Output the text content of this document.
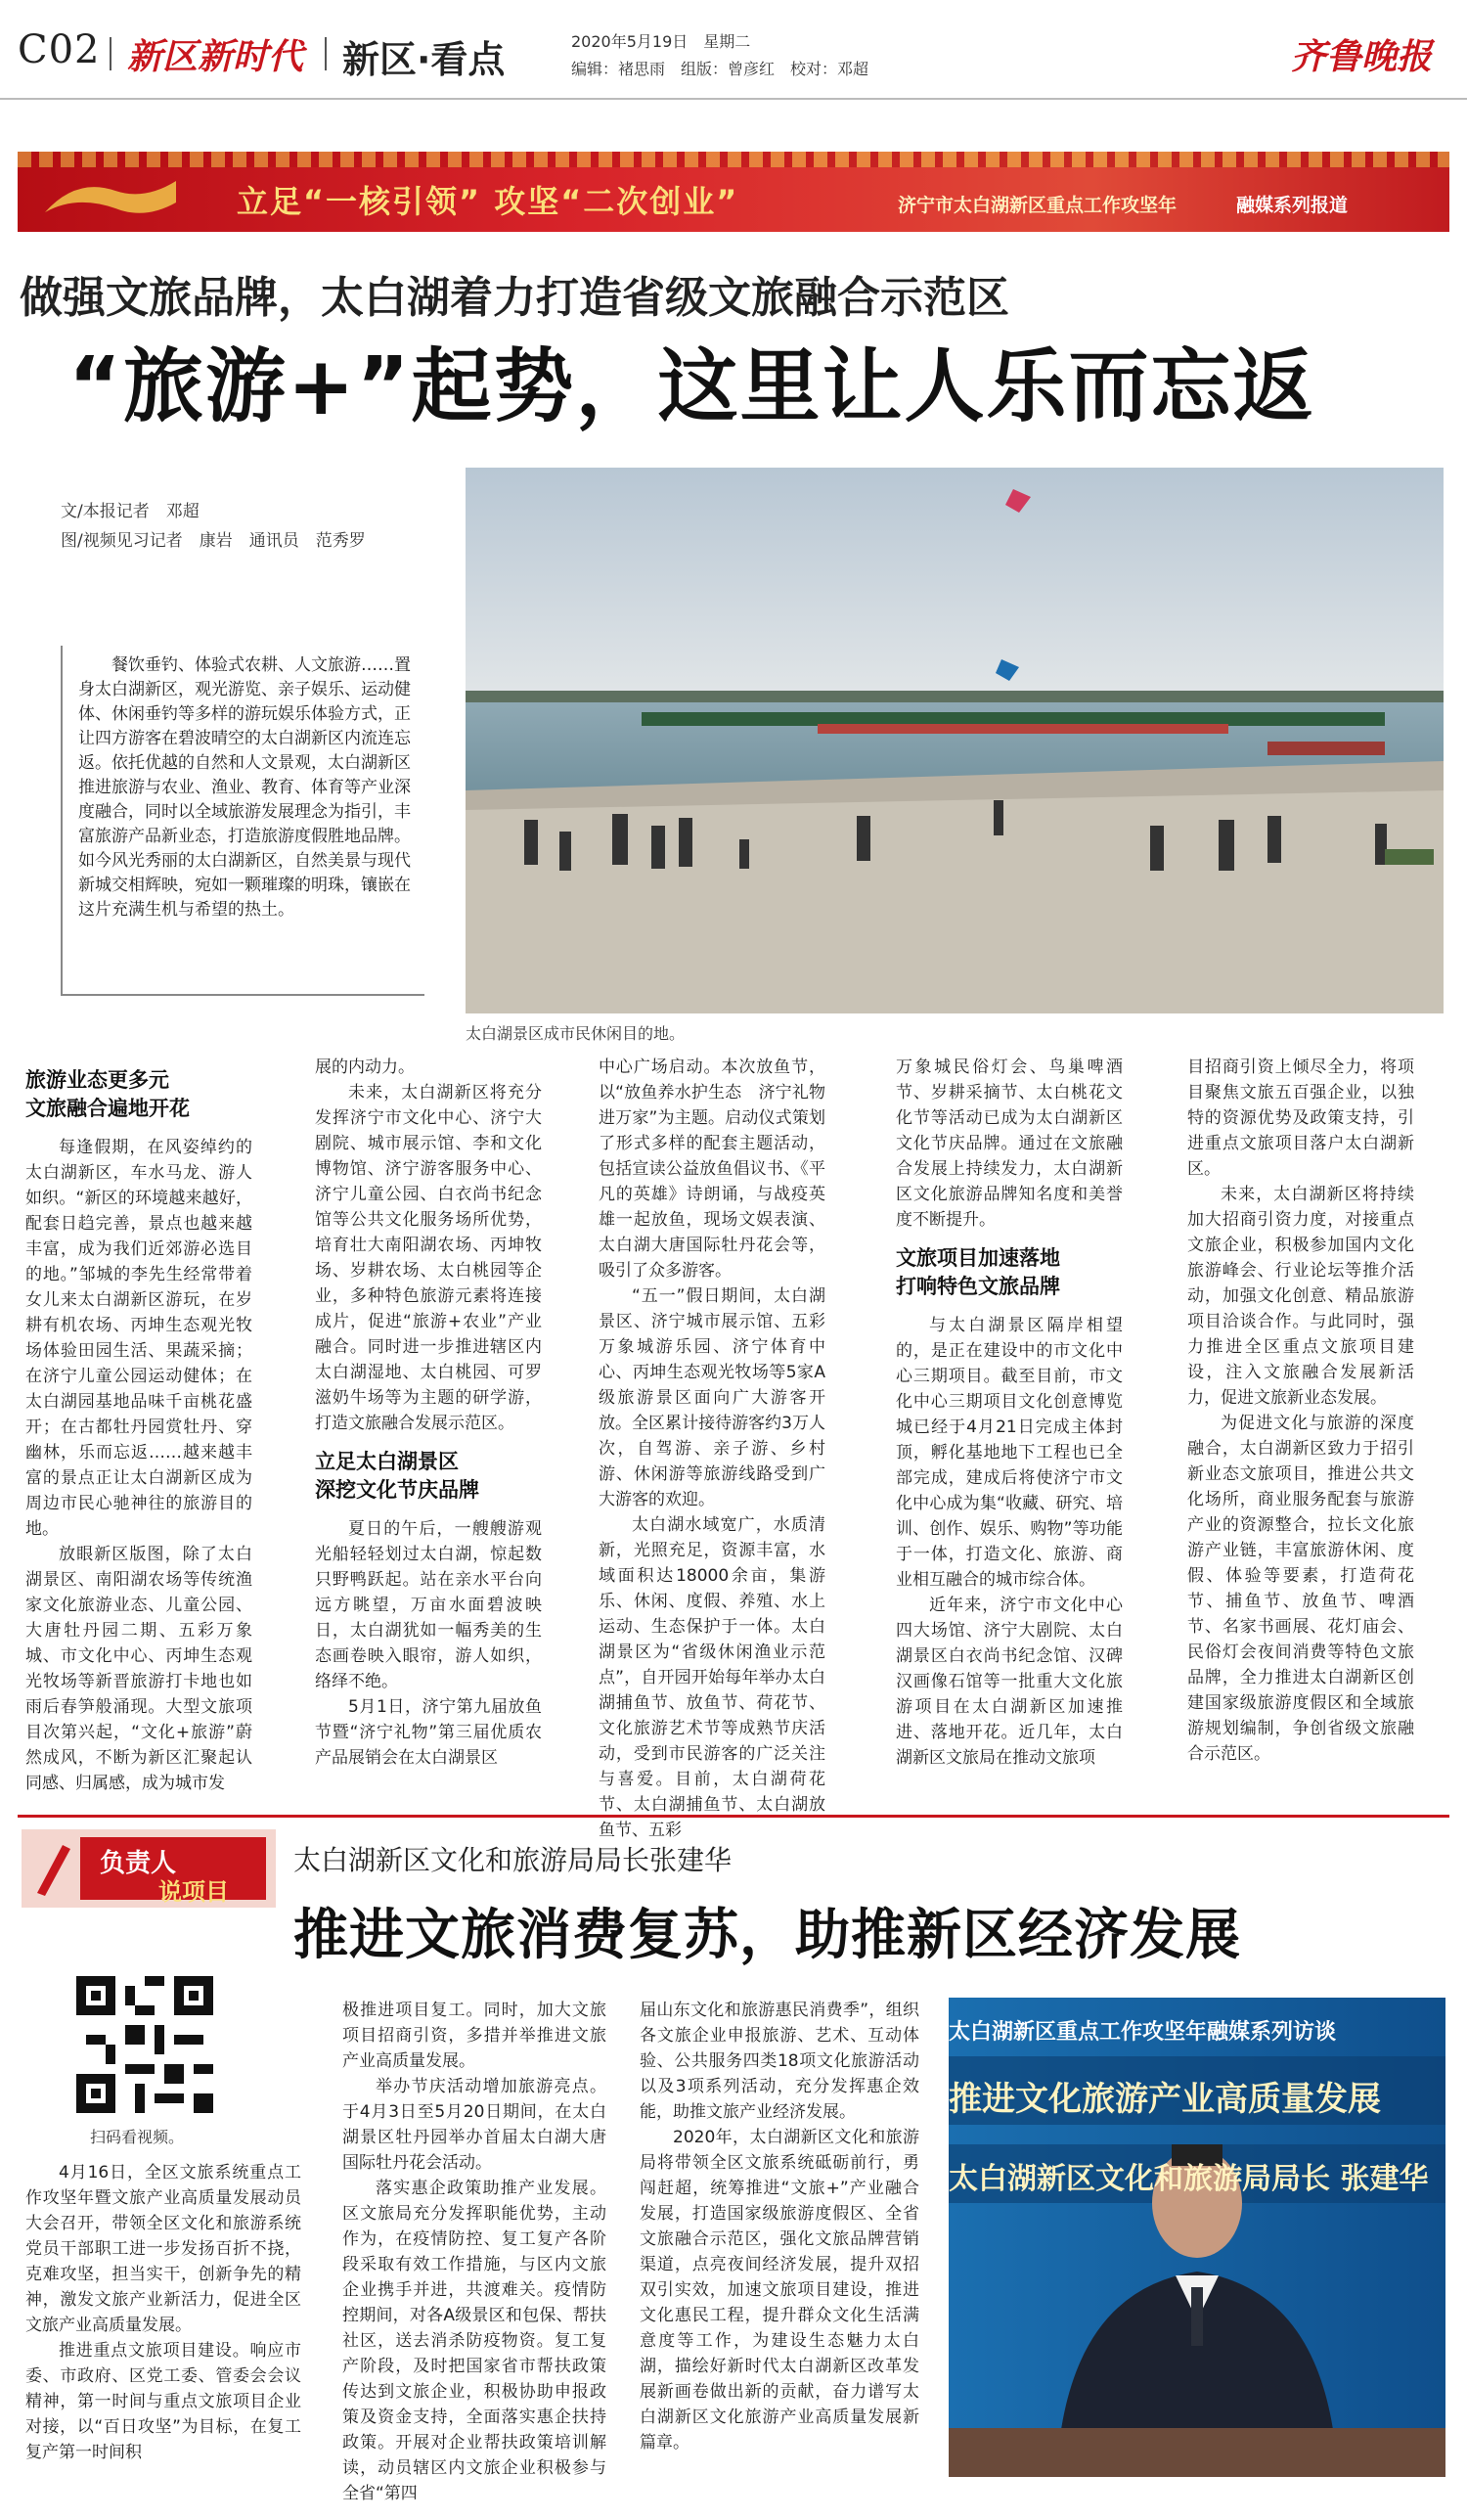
C02 新区新时代 新区·看点	2020年5月19日　 星期二
编辑：褚思雨　组版：曾彦红　校对：邓超	齐鲁晚报
立足“一核引领” 攻坚“二次创业”	济宁市太白湖新区重点工作攻坚年	融媒系列报道
做强文旅品牌，太白湖着力打造省级文旅融合示范区
“旅游+”起势，这里让人乐而忘返
文/本报记者　邓超
图/视频见习记者　康岩　通讯员　范秀罗
餐饮垂钓、体验式农耕、人文旅游……置身太白湖新区，观光游览、亲子娱乐、运动健体、休闲垂钓等多样的游玩娱乐体验方式，正让四方游客在碧波晴空的太白湖新区内流连忘返。依托优越的自然和人文景观，太白湖新区推进旅游与农业、渔业、教育、体育等产业深度融合，同时以全域旅游发展理念为指引，丰富旅游产品新业态，打造旅游度假胜地品牌。如今风光秀丽的太白湖新区，自然美景与现代新城交相辉映，宛如一颗璀璨的明珠，镶嵌在这片充满生机与希望的热土。
太白湖景区成市民休闲目的地。
旅游业态更多元
文旅融合遍地开花

每逢假期，在风姿绰约的太白湖新区，车水马龙、游人如织。“新区的环境越来越好，配套日趋完善，景点也越来越丰富，成为我们近郊游必选目的地。”邹城的李先生经常带着女儿来太白湖新区游玩，在岁耕有机农场、丙坤生态观光牧场体验田园生活、果蔬采摘；在济宁儿童公园运动健体；在太白湖园基地品味千亩桃花盛开；在古都牡丹园赏牡丹、穿幽林，乐而忘返……越来越丰富的景点正让太白湖新区成为周边市民心驰神往的旅游目的地。

放眼新区版图，除了太白湖景区、南阳湖农场等传统渔家文化旅游业态、儿童公园、大唐牡丹园二期、五彩万象城、市文化中心、丙坤生态观光牧场等新晋旅游打卡地也如雨后春笋般涌现。大型文旅项目次第兴起，“文化+旅游”蔚然成风，不断为新区汇聚起认同感、归属感，成为城市发

展的内动力。

未来，太白湖新区将充分发挥济宁市文化中心、济宁大剧院、城市展示馆、李和文化博物馆、济宁游客服务中心、济宁儿童公园、白衣尚书纪念馆等公共文化服务场所优势，培育壮大南阳湖农场、丙坤牧场、岁耕农场、太白桃园等企业，多种特色旅游元素将连接成片，促进“旅游+农业”产业融合。同时进一步推进辖区内太白湖湿地、太白桃园、可罗滋奶牛场等为主题的研学游，打造文旅融合发展示范区。

立足太白湖景区
深挖文化节庆品牌

夏日的午后，一艘艘游观光船轻轻划过太白湖，惊起数只野鸭跃起。站在亲水平台向远方眺望，万亩水面碧波映日，太白湖犹如一幅秀美的生态画卷映入眼帘，游人如织，络绎不绝。

5月1日，济宁第九届放鱼节暨“济宁礼物”第三届优质农产品展销会在太白湖景区

中心广场启动。本次放鱼节，以“放鱼养水护生态　济宁礼物进万家”为主题。启动仪式策划了形式多样的配套主题活动，包括宣读公益放鱼倡议书、《平凡的英雄》诗朗诵，与战疫英雄一起放鱼，现场文娱表演、太白湖大唐国际牡丹花会等，吸引了众多游客。

“五一”假日期间，太白湖景区、济宁城市展示馆、五彩万象城游乐园、济宁体育中心、丙坤生态观光牧场等5家A级旅游景区面向广大游客开放。全区累计接待游客约3万人次，自驾游、亲子游、乡村游、休闲游等旅游线路受到广大游客的欢迎。

太白湖水域宽广，水质清新，光照充足，资源丰富，水域面积达18000余亩，集游乐、休闲、度假、养殖、水上运动、生态保护于一体。太白湖景区为“省级休闲渔业示范点”，自开园开始每年举办太白湖捕鱼节、放鱼节、荷花节、文化旅游艺术节等成熟节庆活动，受到市民游客的广泛关注与喜爱。目前，太白湖荷花节、太白湖捕鱼节、太白湖放鱼节、五彩

万象城民俗灯会、鸟巢啤酒节、岁耕采摘节、太白桃花文化节等活动已成为太白湖新区文化节庆品牌。通过在文旅融合发展上持续发力，太白湖新区文化旅游品牌知名度和美誉度不断提升。

文旅项目加速落地
打响特色文旅品牌

与太白湖景区隔岸相望的，是正在建设中的市文化中心三期项目。截至目前，市文化中心三期项目文化创意博览城已经于4月21日完成主体封顶，孵化基地地下工程也已全部完成，建成后将使济宁市文化中心成为集“收藏、研究、培训、创作、娱乐、购物”等功能于一体，打造文化、旅游、商业相互融合的城市综合体。

近年来，济宁市文化中心四大场馆、济宁大剧院、太白湖景区白衣尚书纪念馆、汉碑汉画像石馆等一批重大文化旅游项目在太白湖新区加速推进、落地开花。近几年，太白湖新区文旅局在推动文旅项

目招商引资上倾尽全力，将项目聚焦文旅五百强企业，以独特的资源优势及政策支持，引进重点文旅项目落户太白湖新区。

未来，太白湖新区将持续加大招商引资力度，对接重点文旅企业，积极参加国内文化旅游峰会、行业论坛等推介活动，加强文化创意、精品旅游项目洽谈合作。与此同时，强力推进全区重点文旅项目建设，注入文旅融合发展新活力，促进文旅新业态发展。

为促进文化与旅游的深度融合，太白湖新区致力于招引新业态文旅项目，推进公共文化场所，商业服务配套与旅游产业的资源整合，拉长文化旅游产业链，丰富旅游休闲、度假、体验等要素，打造荷花节、捕鱼节、放鱼节、啤酒节、名家书画展、花灯庙会、民俗灯会夜间消费等特色文旅品牌，全力推进太白湖新区创建国家级旅游度假区和全域旅游规划编制，争创省级文旅融合示范区。

负责人
说项目
太白湖新区文化和旅游局局长张建华
推进文旅消费复苏，助推新区经济发展
扫码看视频。

4月16日，全区文旅系统重点工作攻坚年暨文旅产业高质量发展动员大会召开，带领全区文化和旅游系统党员干部职工进一步发扬百折不挠，克难攻坚，担当实干，创新争先的精神，激发文旅产业新活力，促进全区文旅产业高质量发展。

推进重点文旅项目建设。响应市委、市政府、区党工委、管委会会议精神，第一时间与重点文旅项目企业对接，以“百日攻坚”为目标，在复工复产第一时间积

极推进项目复工。同时，加大文旅项目招商引资，多措并举推进文旅产业高质量发展。

举办节庆活动增加旅游亮点。于4月3日至5月20日期间，在太白湖景区牡丹园举办首届太白湖大唐国际牡丹花会活动。

落实惠企政策助推产业发展。区文旅局充分发挥职能优势，主动作为，在疫情防控、复工复产各阶段采取有效工作措施，与区内文旅企业携手并进，共渡难关。疫情防控期间，对各A级景区和包保、帮扶社区，送去消杀防疫物资。复工复产阶段，及时把国家省市帮扶政策传达到文旅企业，积极协助申报政策及资金支持，全面落实惠企扶持政策。开展对企业帮扶政策培训解读，动员辖区内文旅企业积极参与全省“第四

届山东文化和旅游惠民消费季”，组织各文旅企业申报旅游、艺术、互动体验、公共服务四类18项文化旅游活动以及3项系列活动，充分发挥惠企效能，助推文旅产业经济发展。

2020年，太白湖新区文化和旅游局将带领全区文旅系统砥砺前行，勇闯赶超，统筹推进“文旅+”产业融合发展，打造国家级旅游度假区、全省文旅融合示范区，强化文旅品牌营销渠道，点亮夜间经济发展，提升双招双引实效，加速文旅项目建设，推进文化惠民工程，提升群众文化生活满意度等工作，为建设生态魅力太白湖，描绘好新时代太白湖新区改革发展新画卷做出新的贡献，奋力谱写太白湖新区文化旅游产业高质量发展新篇章。

太白湖新区重点工作攻坚年融媒系列访谈
推进文化旅游产业高质量发展
太白湖新区文化和旅游局局长 张建华
